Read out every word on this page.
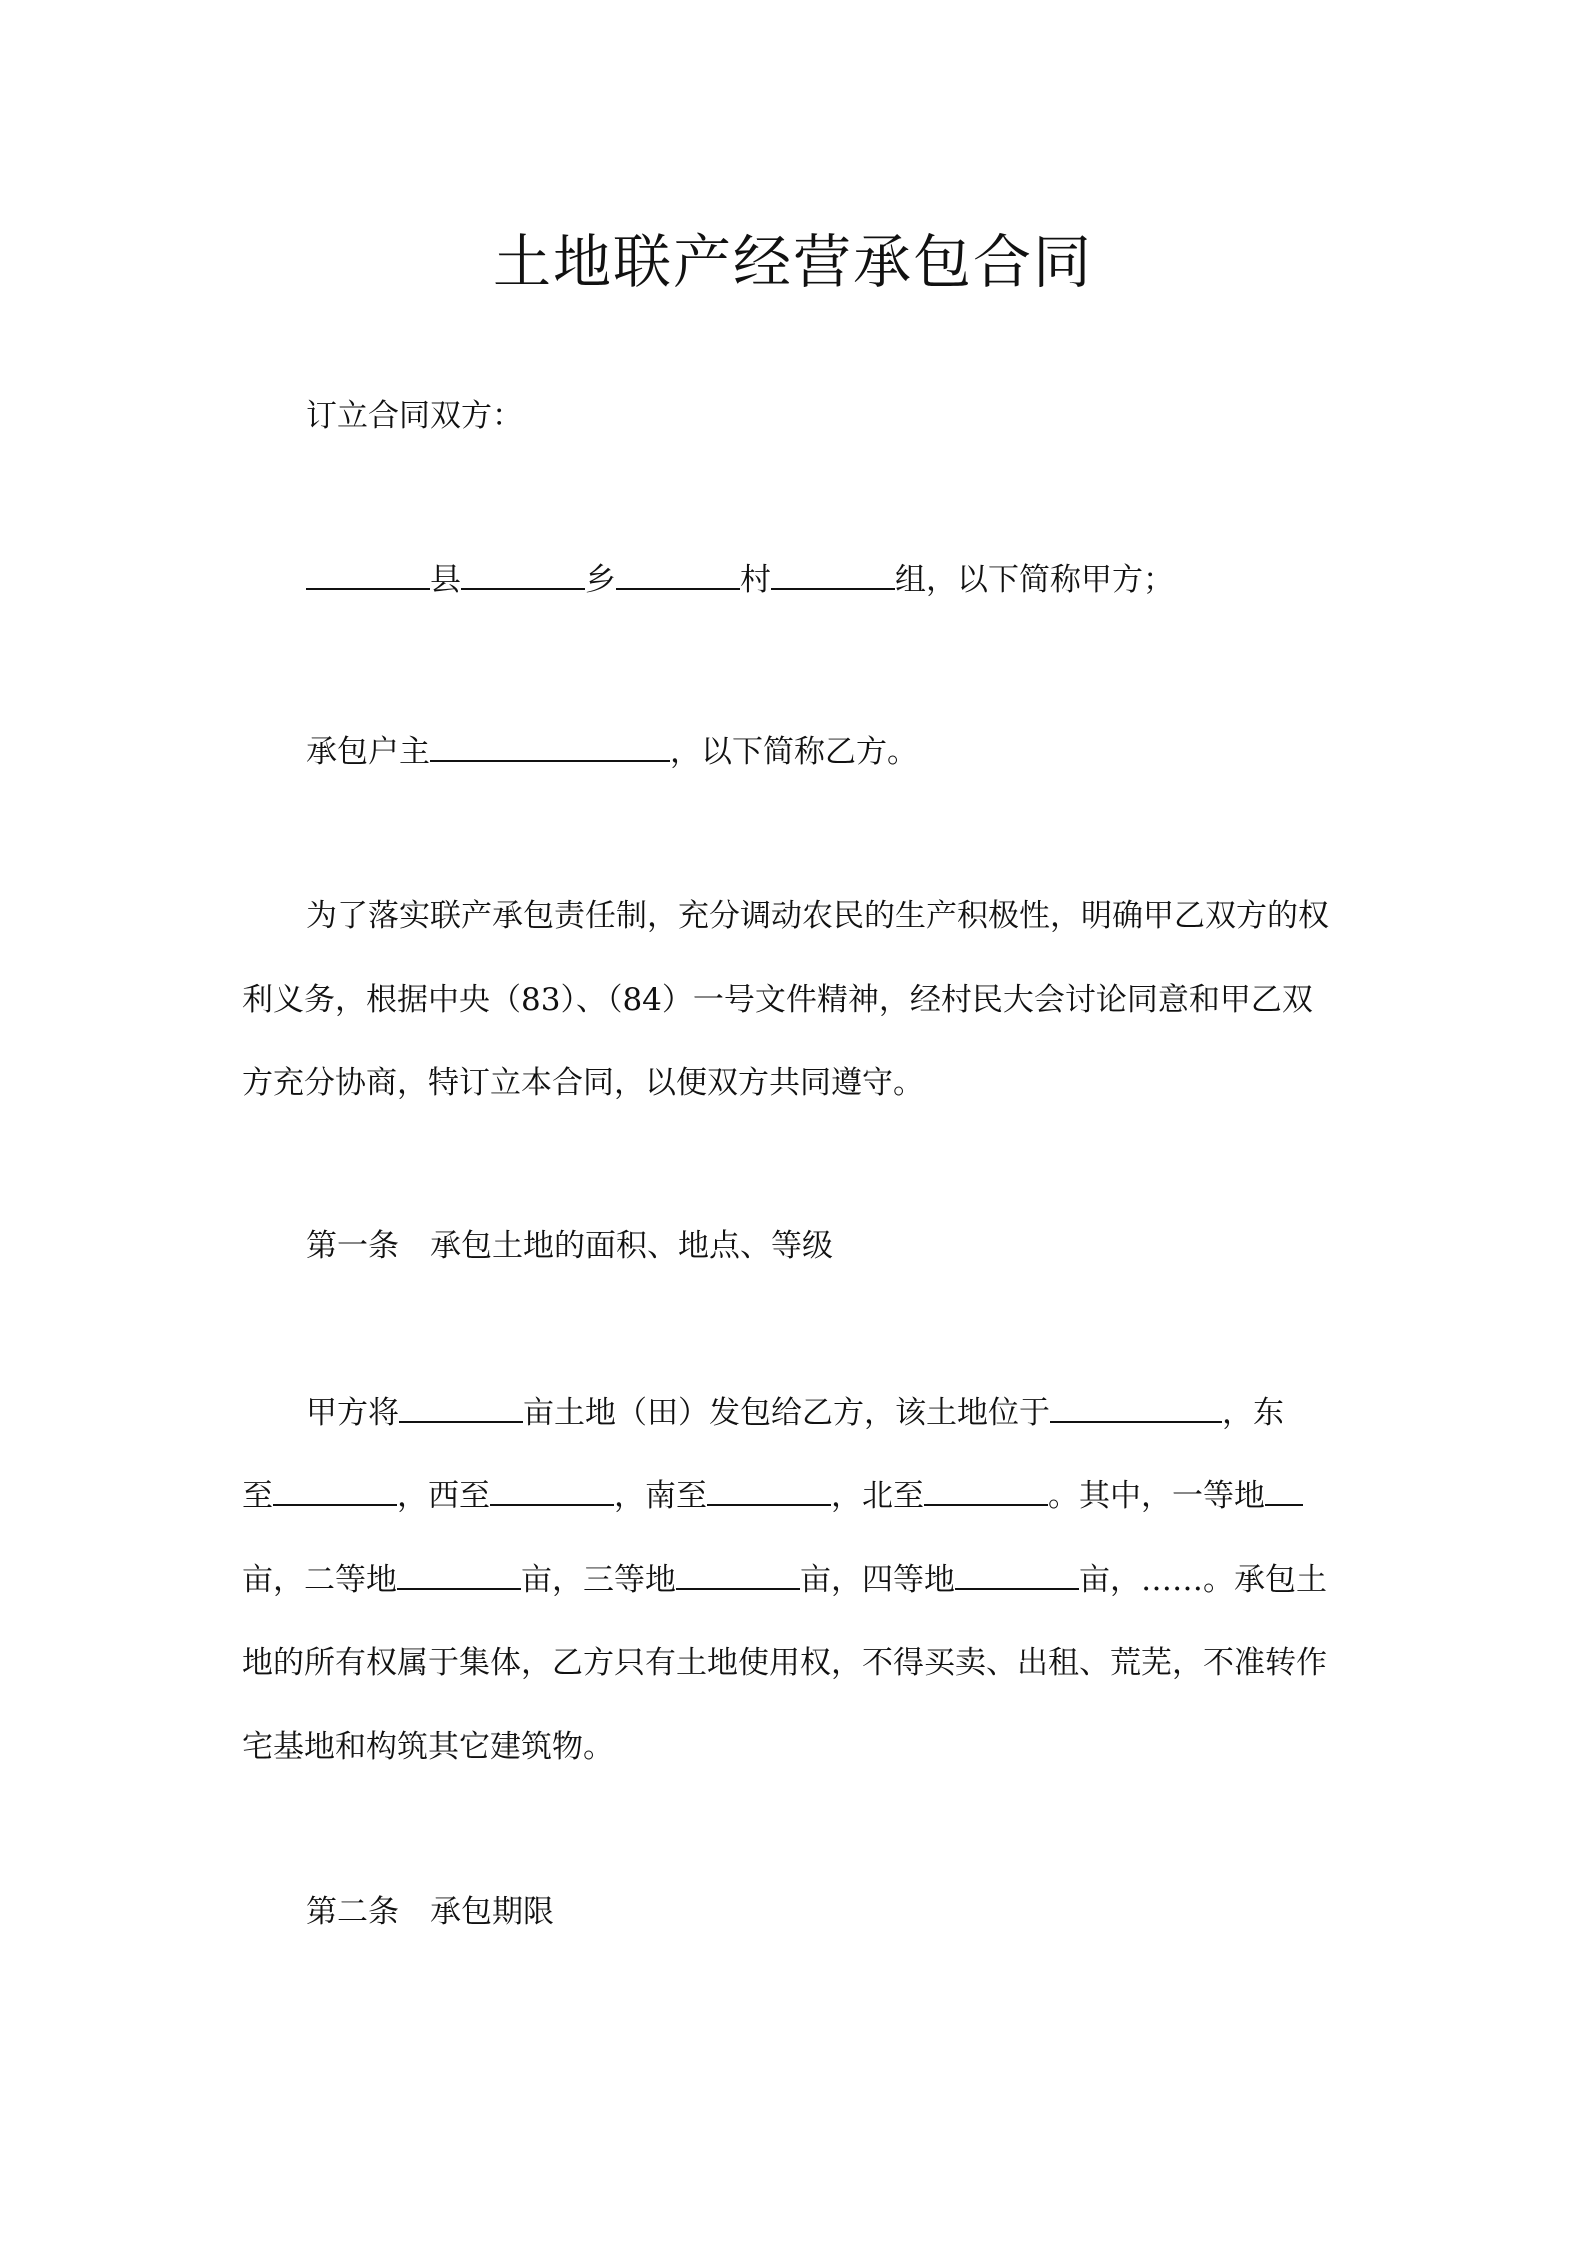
土地联产经营承包合同
订立合同双方：
县	乡	村	组，以下简称甲方；
承包户主	，以下简称乙方。
为了落实联产承包责任制，充分调动农民的生产积极性，明确甲乙双方的权
利义务，根据中央（83）、（84）一号文件精神，经村民大会讨论同意和甲乙双
方充分协商，特订立本合同，以便双方共同遵守。
第一条　承包土地的面积、地点、等级
甲方将	亩土地（田）发包给乙方，该土地位于	，东
至	，西至	，南至	，北至	。其中，一等地
亩，二等地	亩，三等地	亩，四等地	亩，……。承包土
地的所有权属于集体，乙方只有土地使用权，不得买卖、出租、荒芜，不准转作
宅基地和构筑其它建筑物。
第二条　承包期限
